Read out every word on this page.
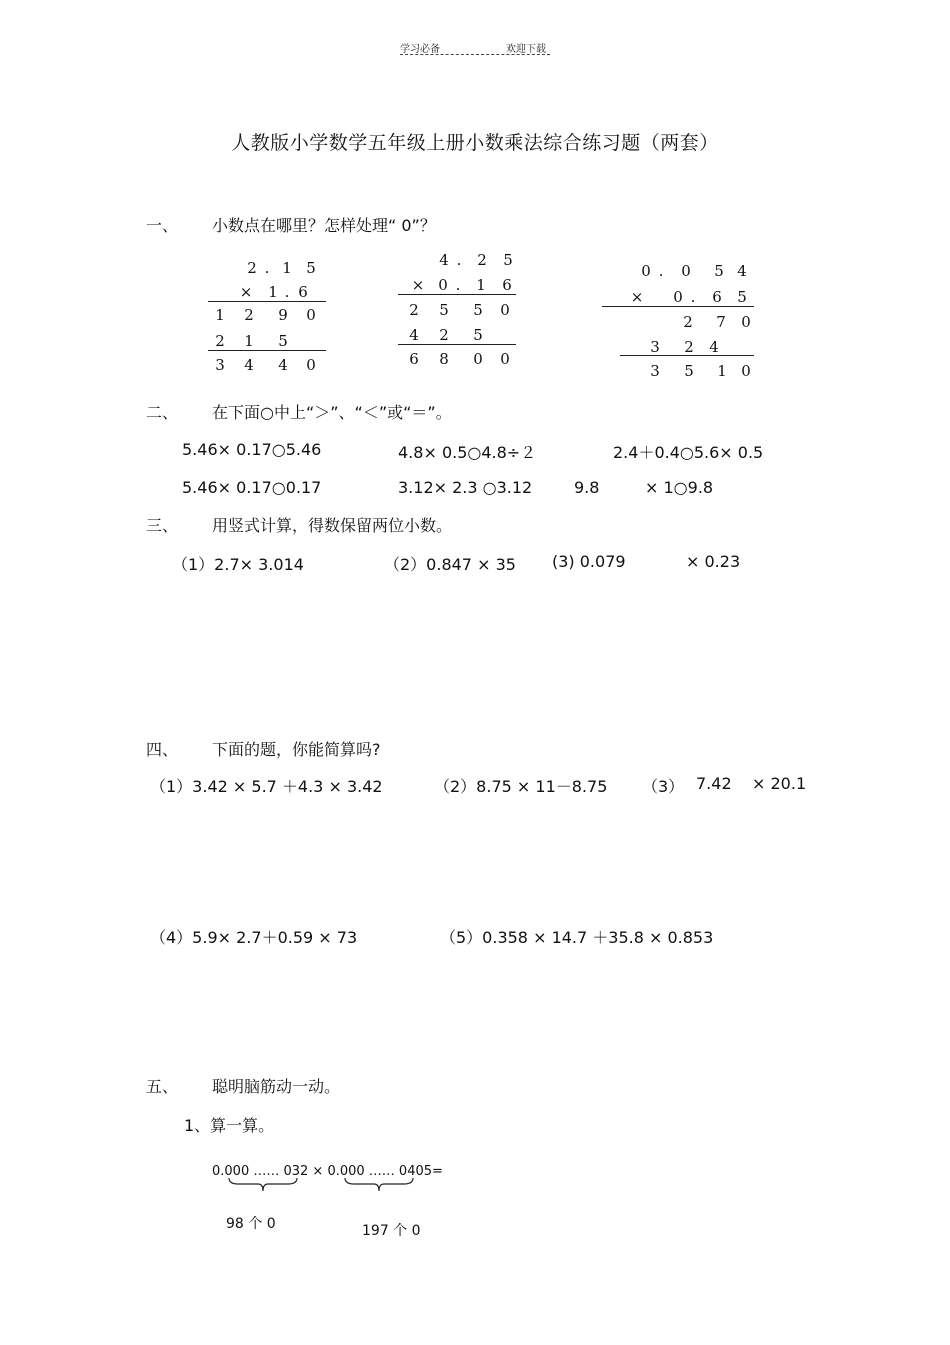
学习必备	欢迎下载
人教版小学数学五年级上册小数乘法综合练习题（两套）
一、 小数点在哪里？怎样处理“ 0”？
2 . 1 5
× 1 . 6
1 2 9 0
2 1 5
3 4 4 0
4 . 2 5
× 0 . 1 6
2 5 5 0
4 2 5
6 8 0 0
0 . 0 5 4
× 0 . 6 5
2 7 0
3 2 4
3 5 1 0
二、 在下面○中上“＞”、“＜”或“＝”。
5.46× 0.17○5.46	4.8× 0.5○4.8÷２	2.4＋0.4○5.6× 0.5
5.46× 0.17○0.17	3.12× 2.3 ○3.12	9.8	× 1○9.8
三、 用竖式计算，得数保留两位小数。
（1）2.7× 3.014	（2）0.847 × 35 (3) 0.079	× 0.23
四、 下面的题，你能简算吗?
（1）3.42 × 5.7 ＋4.3 × 3.42	（2）8.75 × 11－8.75 （3） 7.42 × 20.1
（4）5.9× 2.7＋0.59 × 73	（5）0.358 × 14.7 ＋35.8 × 0.853
五、 聪明脑筋动一动。
1、算一算。
0.000 …… 032 × 0.000 …… 0405=
98 个 0	197 个 0
